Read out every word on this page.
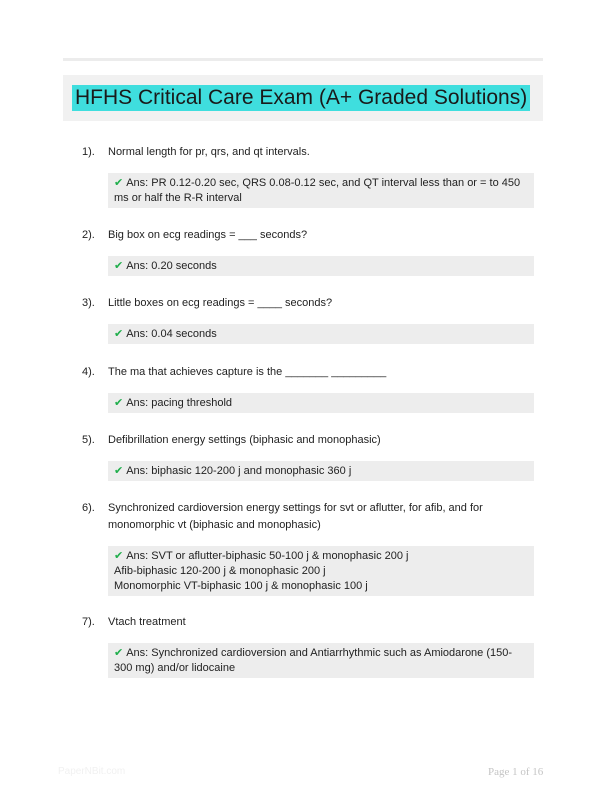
HFHS Critical Care Exam (A+ Graded Solutions)
1). Normal length for pr, qrs, and qt intervals.
✔ Ans: PR 0.12-0.20 sec, QRS 0.08-0.12 sec, and QT interval less than or = to 450 ms or half the R-R interval
2). Big box on ecg readings = ___ seconds?
✔ Ans: 0.20 seconds
3). Little boxes on ecg readings = ____ seconds?
✔ Ans: 0.04 seconds
4). The ma that achieves capture is the _______ _________
✔ Ans: pacing threshold
5). Defibrillation energy settings (biphasic and monophasic)
✔ Ans: biphasic 120-200 j and monophasic 360 j
6). Synchronized cardioversion energy settings for svt or aflutter, for afib, and for monomorphic vt (biphasic and monophasic)
✔ Ans: SVT or aflutter-biphasic 50-100 j & monophasic 200 j
Afib-biphasic 120-200 j & monophasic 200 j
Monomorphic VT-biphasic 100 j & monophasic 100 j
7). Vtach treatment
✔ Ans: Synchronized cardioversion and Antiarrhythmic such as Amiodarone (150-300 mg) and/or lidocaine
PaperNBit.com	Page 1 of 16
